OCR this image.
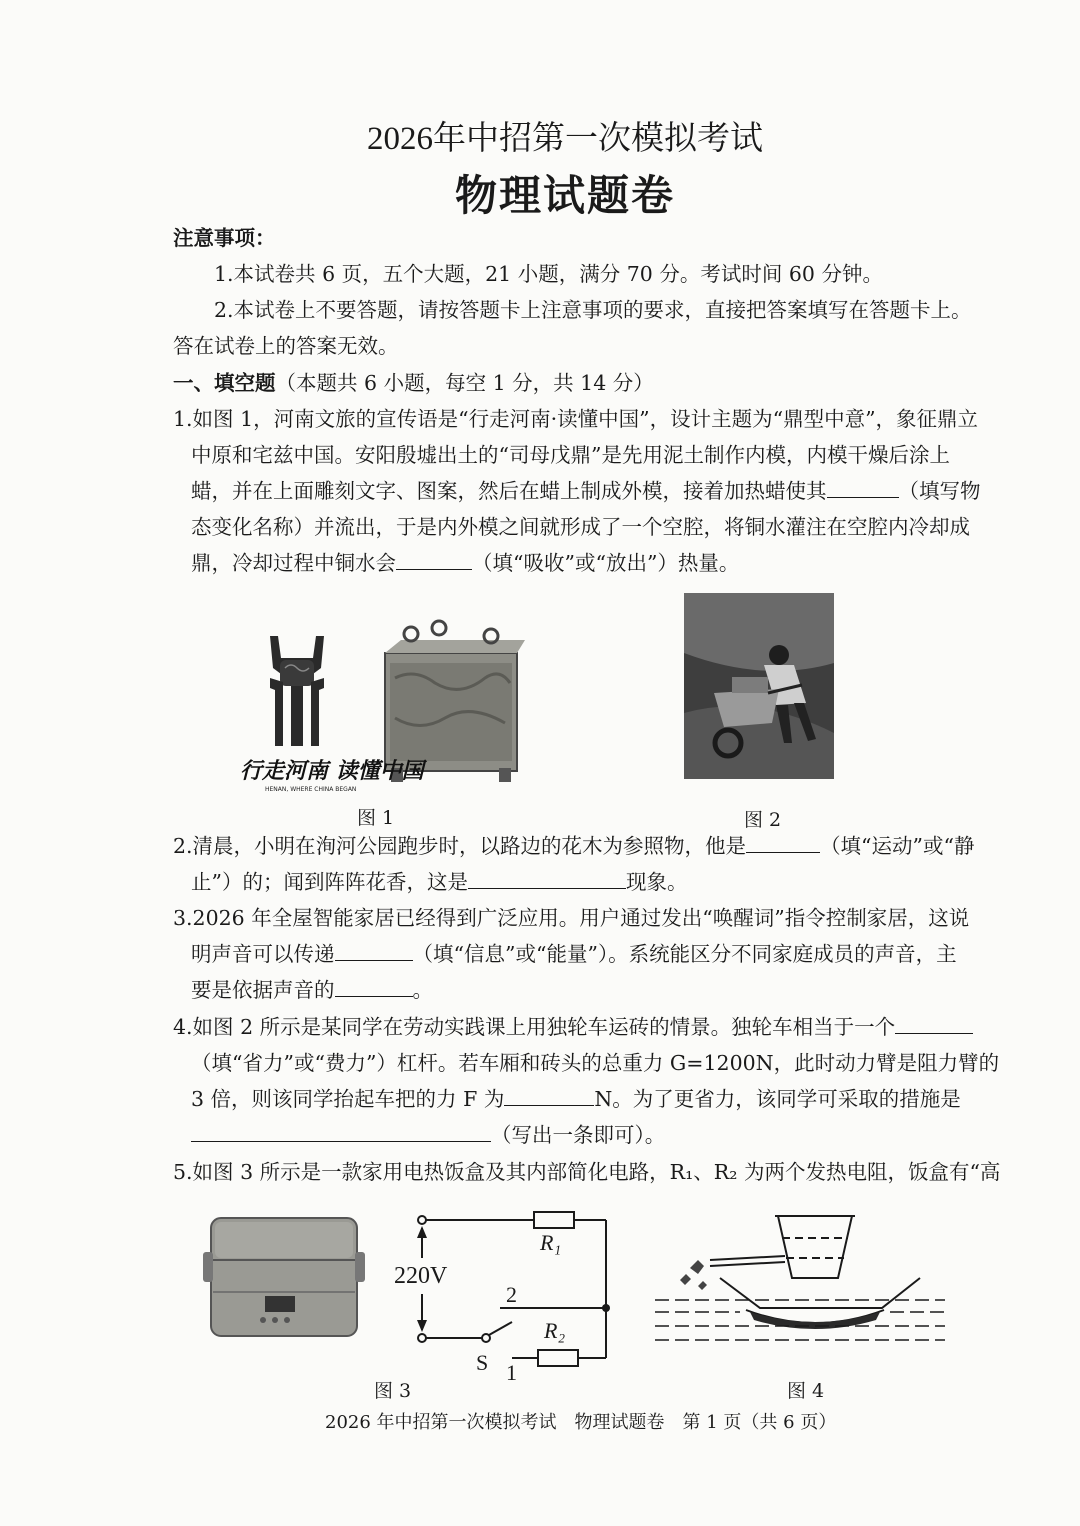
2026年中招第一次模拟考试
物理试题卷
注意事项：
1.本试卷共 6 页，五个大题，21 小题，满分 70 分。考试时间 60 分钟。
2.本试卷上不要答题，请按答题卡上注意事项的要求，直接把答案填写在答题卡上。
答在试卷上的答案无效。
一、填空题（本题共 6 小题，每空 1 分，共 14 分）
1.如图 1，河南文旅的宣传语是“行走河南·读懂中国”，设计主题为“鼎型中意”，象征鼎立
中原和宅兹中国。安阳殷墟出土的“司母戊鼎”是先用泥土制作内模，内模干燥后涂上
蜡，并在上面雕刻文字、图案，然后在蜡上制成外模，接着加热蜡使其	（填写物
态变化名称）并流出，于是内外模之间就形成了一个空腔，将铜水灌注在空腔内冷却成
鼎，冷却过程中铜水会	（填“吸收”或“放出”）热量。
行走河南 读懂中国
HENAN, WHERE CHINA BEGAN
图 1	图 2
2.清晨，小明在洵河公园跑步时，以路边的花木为参照物，他是	（填“运动”或“静
止”）的；闻到阵阵花香，这是	现象。
3.2026 年全屋智能家居已经得到广泛应用。用户通过发出“唤醒词”指令控制家居，这说
明声音可以传递	（填“信息”或“能量”）。系统能区分不同家庭成员的声音，主
要是依据声音的	。
4.如图 2 所示是某同学在劳动实践课上用独轮车运砖的情景。独轮车相当于一个
（填“省力”或“费力”）杠杆。若车厢和砖头的总重力 G=1200N，此时动力臂是阻力臂的
3 倍，则该同学抬起车把的力 F 为	N。为了更省力，该同学可采取的措施是
（写出一条即可）。
5.如图 3 所示是一款家用电热饭盒及其内部简化电路，R₁、R₂ 为两个发热电阻，饭盒有“高
220V
R₁
R₂
2
S 1
图 3	图 4
2026 年中招第一次模拟考试　物理试题卷　第 1 页（共 6 页）
